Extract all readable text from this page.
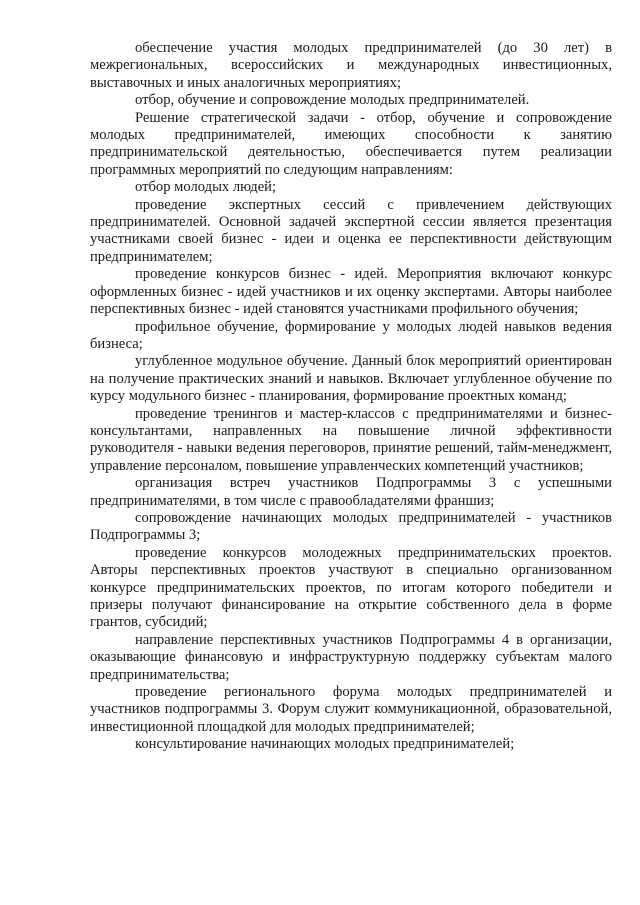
обеспечение участия молодых предпринимателей (до 30 лет) в межрегиональных, всероссийских и международных инвестиционных, выставочных и иных аналогичных мероприятиях;

отбор, обучение и сопровождение молодых предпринимателей.

Решение стратегической задачи - отбор, обучение и сопровождение молодых предпринимателей, имеющих способности к занятию предпринимательской деятельностью, обеспечивается путем реализации программных мероприятий по следующим направлениям:

отбор молодых людей;

проведение экспертных сессий с привлечением действующих предпринимателей. Основной задачей экспертной сессии является презентация участниками своей бизнес - идеи и оценка ее перспективности действующим предпринимателем;

проведение конкурсов бизнес - идей. Мероприятия включают конкурс оформленных бизнес - идей участников и их оценку экспертами. Авторы наиболее перспективных бизнес - идей становятся участниками профильного обучения;

профильное обучение, формирование у молодых людей навыков ведения бизнеса;

углубленное модульное обучение. Данный блок мероприятий ориентирован на получение практических знаний и навыков. Включает углубленное обучение по курсу модульного бизнес - планирования, формирование проектных команд;

проведение тренингов и мастер-классов с предпринимателями и бизнес-консультантами, направленных на повышение личной эффективности руководителя - навыки ведения переговоров, принятие решений, тайм-менеджмент, управление персоналом, повышение управленческих компетенций участников;

организация встреч участников Подпрограммы 3 с успешными предпринимателями, в том числе с правообладателями франшиз;

сопровождение начинающих молодых предпринимателей - участников Подпрограммы 3;

проведение конкурсов молодежных предпринимательских проектов. Авторы перспективных проектов участвуют в специально организованном конкурсе предпринимательских проектов, по итогам которого победители и призеры получают финансирование на открытие собственного дела в форме грантов, субсидий;

направление перспективных участников Подпрограммы 4 в организации, оказывающие финансовую и инфраструктурную поддержку субъектам малого предпринимательства;

проведение регионального форума молодых предпринимателей и участников подпрограммы 3. Форум служит коммуникационной, образовательной, инвестиционной площадкой для молодых предпринимателей;

консультирование начинающих молодых предпринимателей;
